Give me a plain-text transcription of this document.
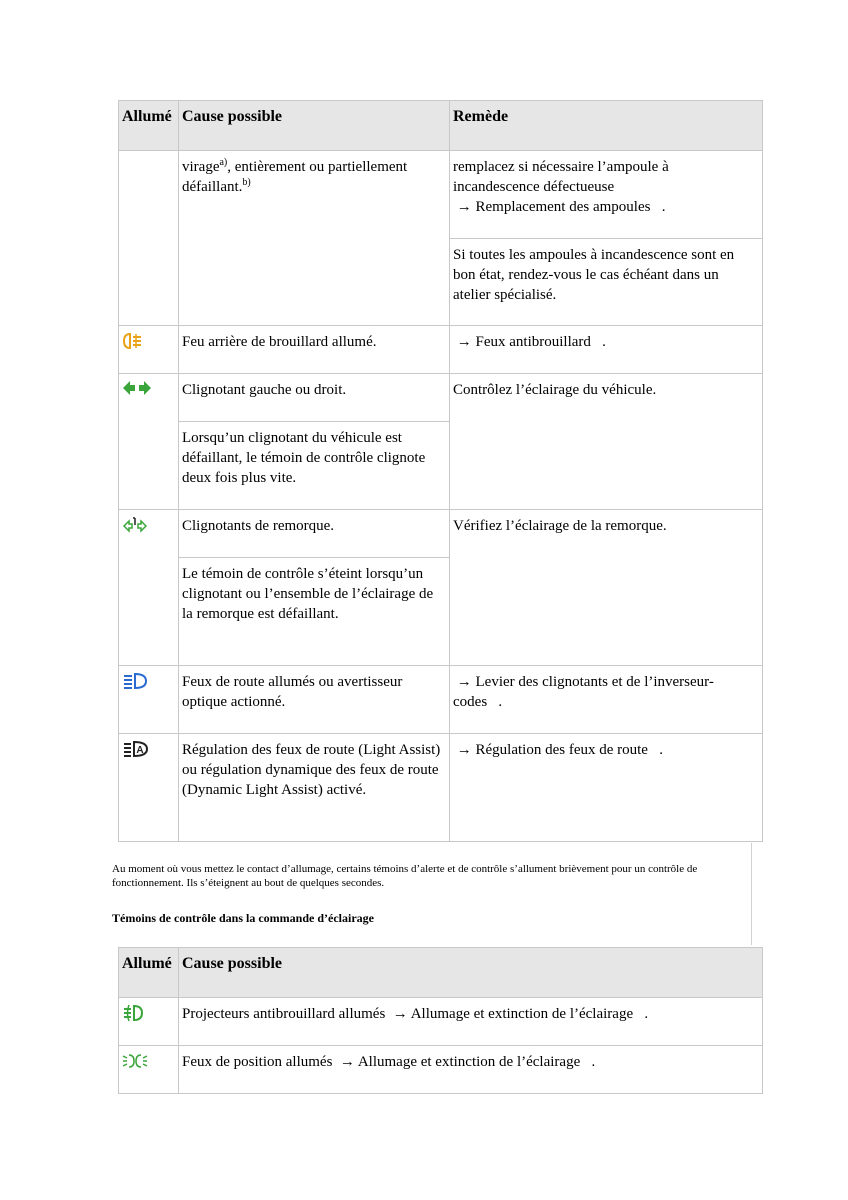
Allumé	Cause possible	Remède
	virage$^{a)}$, entièrement ou partiellement défaillant.$^{b)}$	remplacez si nécessaire l’ampoule à incandescence défectueuse
→ Remplacement des ampoules .
		Si toutes les ampoules à incandescence sont en bon état, rendez-vous le cas échéant dans un atelier spécialisé.

	Feu arrière de brouillard allumé.	→ Feux antibrouillard .

	Clignotant gauche ou droit.	Contrôlez l’éclairage du véhicule.
	Lorsqu’un clignotant du véhicule est défaillant, le témoin de contrôle clignote deux fois plus vite.	

	Clignotants de remorque.	Vérifiez l’éclairage de la remorque.
	Le témoin de contrôle s’éteint lorsqu’un clignotant ou l’ensemble de l’éclairage de la remorque est défaillant.	

	Feux de route allumés ou avertisseur optique actionné.	→ Levier des clignotants et de l’inverseur-codes .

A	Régulation des feux de route (Light Assist) ou régulation dynamique des feux de route (Dynamic Light Assist) activé.	→ Régulation des feux de route .

Au moment où vous mettez le contact d’allumage, certains témoins d’alerte et de contrôle s’allument brièvement pour un contrôle de fonctionnement. Ils s’éteignent au bout de quelques secondes.

Témoins de contrôle dans la commande d’éclairage

Allumé	Cause possible

	Projecteurs antibrouillard allumés → Allumage et extinction de l’éclairage .

	Feux de position allumés → Allumage et extinction de l’éclairage .
